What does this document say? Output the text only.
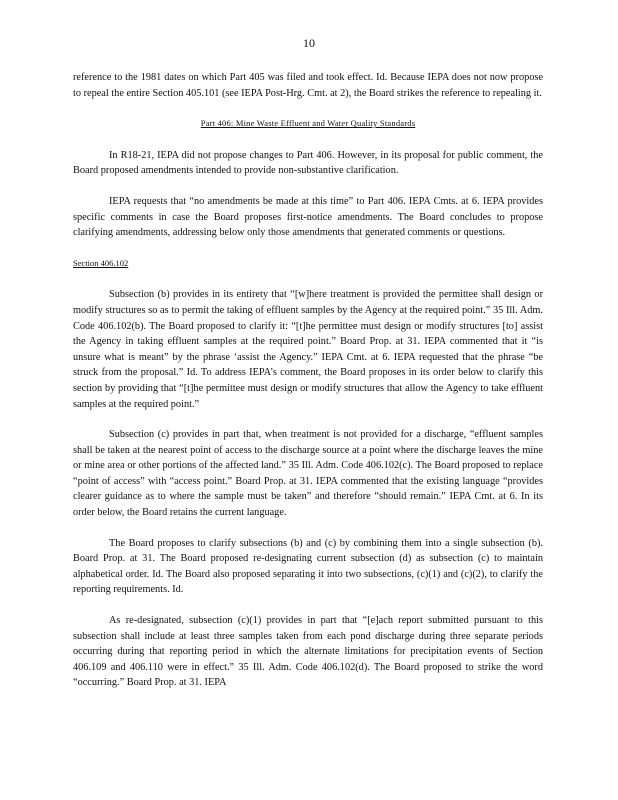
10

reference to the 1981 dates on which Part 405 was filed and took effect. Id. Because IEPA does not now propose to repeal the entire Section 405.101 (see IEPA Post-Hrg. Cmt. at 2), the Board strikes the reference to repealing it.

Part 406: Mine Waste Effluent and Water Quality Standards

In R18-21, IEPA did not propose changes to Part 406. However, in its proposal for public comment, the Board proposed amendments intended to provide non-substantive clarification.

IEPA requests that “no amendments be made at this time” to Part 406. IEPA Cmts. at 6. IEPA provides specific comments in case the Board proposes first-notice amendments. The Board concludes to propose clarifying amendments, addressing below only those amendments that generated comments or questions.

Section 406.102

Subsection (b) provides in its entirety that “[w]here treatment is provided the permittee shall design or modify structures so as to permit the taking of effluent samples by the Agency at the required point.” 35 Ill. Adm. Code 406.102(b). The Board proposed to clarify it: “[t]he permittee must design or modify structures [to] assist the Agency in taking effluent samples at the required point.” Board Prop. at 31. IEPA commented that it “is unsure what is meant” by the phrase ‘assist the Agency.” IEPA Cmt. at 6. IEPA requested that the phrase “be struck from the proposal.” Id. To address IEPA’s comment, the Board proposes in its order below to clarify this section by providing that “[t]he permittee must design or modify structures that allow the Agency to take effluent samples at the required point.”

Subsection (c) provides in part that, when treatment is not provided for a discharge, “effluent samples shall be taken at the nearest point of access to the discharge source at a point where the discharge leaves the mine or mine area or other portions of the affected land.” 35 Ill. Adm. Code 406.102(c). The Board proposed to replace “point of access” with “access point.” Board Prop. at 31. IEPA commented that the existing language “provides clearer guidance as to where the sample must be taken” and therefore “should remain.” IEPA Cmt. at 6. In its order below, the Board retains the current language.

The Board proposes to clarify subsections (b) and (c) by combining them into a single subsection (b). Board Prop. at 31. The Board proposed re-designating current subsection (d) as subsection (c) to maintain alphabetical order. Id. The Board also proposed separating it into two subsections, (c)(1) and (c)(2), to clarify the reporting requirements. Id.

As re-designated, subsection (c)(1) provides in part that “[e]ach report submitted pursuant to this subsection shall include at least three samples taken from each pond discharge during three separate periods occurring during that reporting period in which the alternate limitations for precipitation events of Section 406.109 and 406.110 were in effect.” 35 Ill. Adm. Code 406.102(d). The Board proposed to strike the word “occurring.” Board Prop. at 31. IEPA
